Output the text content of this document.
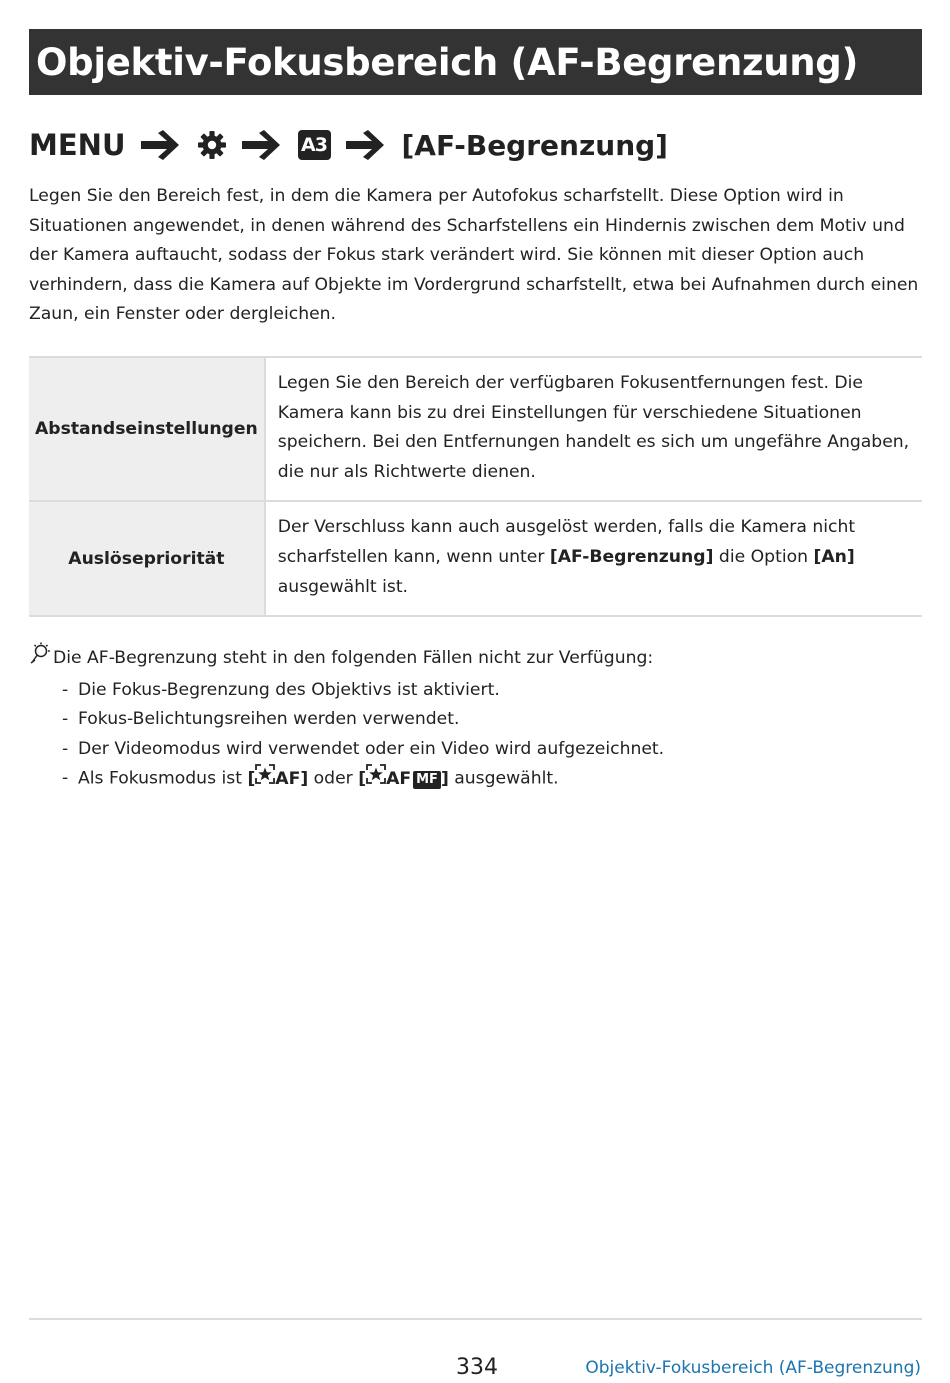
Objektiv-Fokusbereich (AF-Begrenzung)
MENU	A3	[AF-Begrenzung]

Legen Sie den Bereich fest, in dem die Kamera per Autofokus scharfstellt. Diese Option wird in Situationen angewendet, in denen während des Scharfstellens ein Hindernis zwischen dem Motiv und der Kamera auftaucht, sodass der Fokus stark verändert wird. Sie können mit dieser Option auch verhindern, dass die Kamera auf Objekte im Vordergrund scharfstellt, etwa bei Aufnahmen durch einen Zaun, ein Fenster oder dergleichen.

Abstandseinstellungen	Legen Sie den Bereich der verfügbaren Fokusentfernungen fest. Die Kamera kann bis zu drei Einstellungen für verschiedene Situationen speichern. Bei den Entfernungen handelt es sich um ungefähre Angaben, die nur als Richtwerte dienen.
Auslösepriorität	Der Verschluss kann auch ausgelöst werden, falls die Kamera nicht scharfstellen kann, wenn unter [AF-Begrenzung] die Option [An] ausgewählt ist.
Die AF-Begrenzung steht in den folgenden Fällen nicht zur Verfügung:
- Die Fokus-Begrenzung des Objektivs ist aktiviert.
- Fokus-Belichtungsreihen werden verwendet.
- Der Videomodus wird verwendet oder ein Video wird aufgezeichnet.
- Als Fokusmodus ist [ AF] oder [ AF MF ] ausgewählt.
334	Objektiv-Fokusbereich (AF-Begrenzung)
